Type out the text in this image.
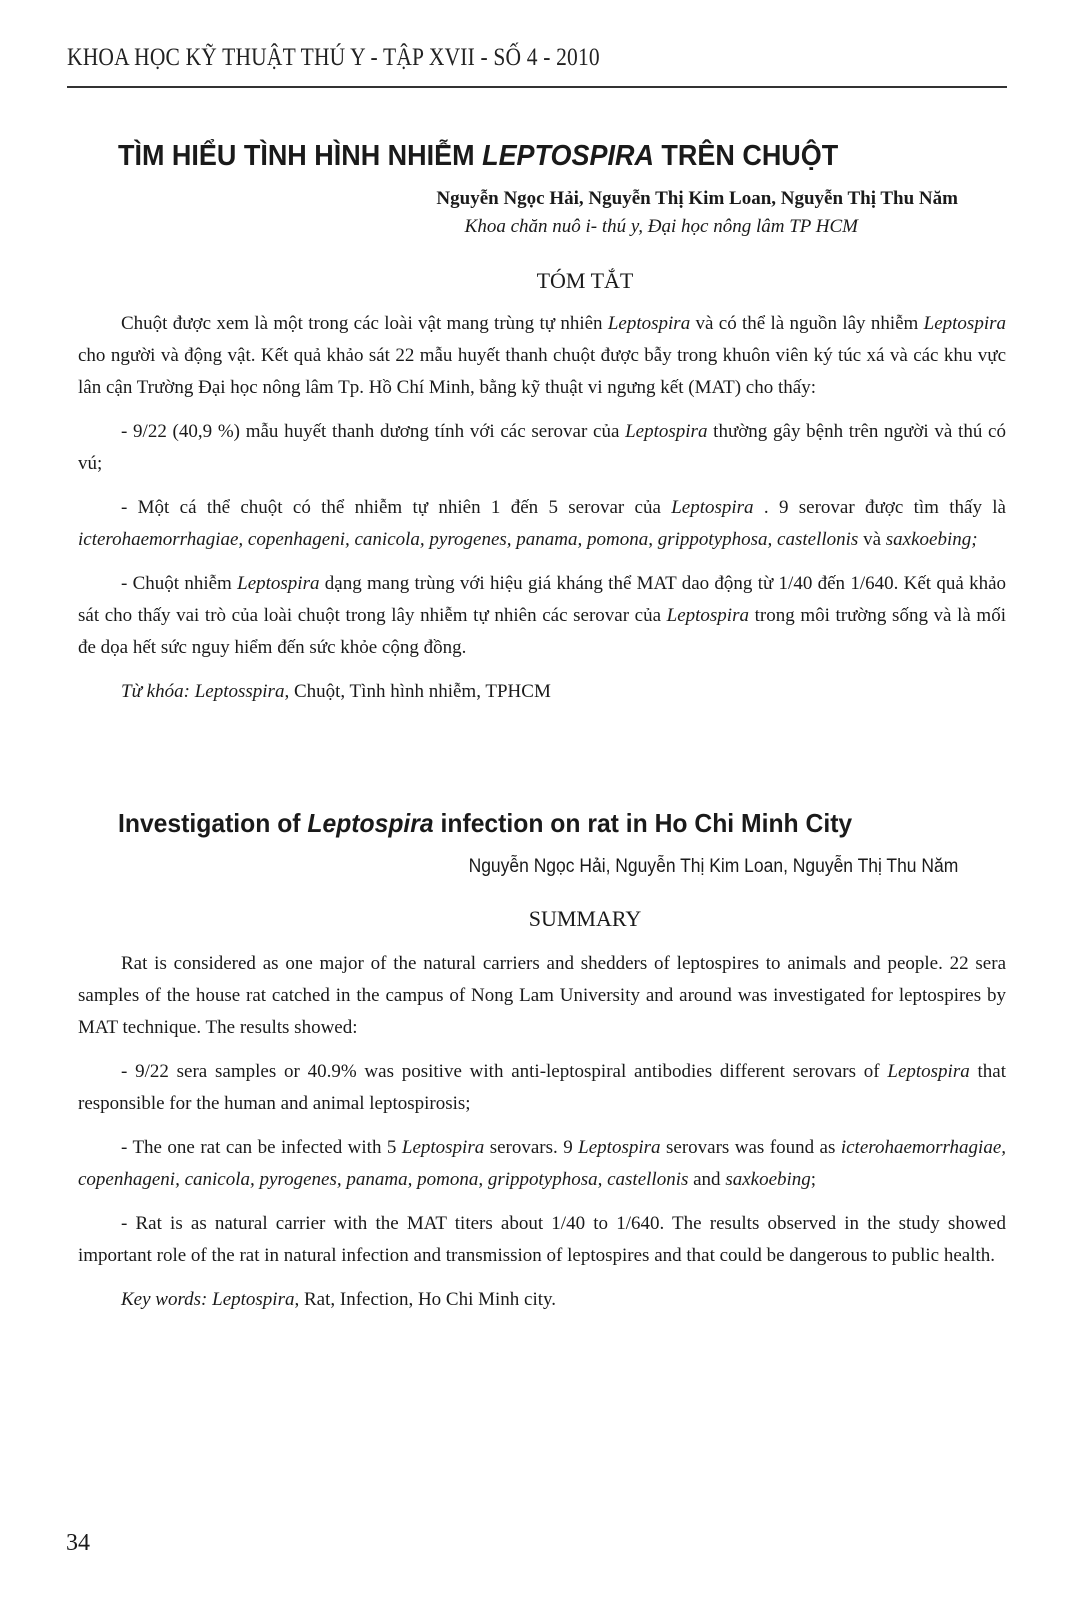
KHOA HỌC KỸ THUẬT THÚ Y - TẬP XVII - SỐ 4 - 2010
TÌM HIỂU TÌNH HÌNH NHIỄM LEPTOSPIRA TRÊN CHUỘT
Nguyễn Ngọc Hải, Nguyễn Thị Kim Loan, Nguyễn Thị Thu Năm
Khoa chăn nuô i- thú y, Đại học nông lâm TP HCM
TÓM TẮT

Chuột được xem là một trong các loài vật mang trùng tự nhiên Leptospira và có thể là nguồn lây nhiễm Leptospira cho người và động vật. Kết quả khảo sát 22 mẫu huyết thanh chuột được bẫy trong khuôn viên ký túc xá và các khu vực lân cận Trường Đại học nông lâm Tp. Hồ Chí Minh, bằng kỹ thuật vi ngưng kết (MAT) cho thấy:

- 9/22 (40,9 %) mẫu huyết thanh dương tính với các serovar của Leptospira thường gây bệnh trên người và thú có vú;

- Một cá thể chuột có thể nhiễm tự nhiên 1 đến 5 serovar của Leptospira . 9 serovar được tìm thấy là icterohaemorrhagiae, copenhageni, canicola, pyrogenes, panama, pomona, grippotyphosa, castellonis và saxkoebing;

- Chuột nhiễm Leptospira dạng mang trùng với hiệu giá kháng thể MAT dao động từ 1/40 đến 1/640. Kết quả khảo sát cho thấy vai trò của loài chuột trong lây nhiễm tự nhiên các serovar của Leptospira trong môi trường sống và là mối đe dọa hết sức nguy hiểm đến sức khỏe cộng đồng.

Từ khóa: Leptosspira, Chuột, Tình hình nhiễm, TPHCM

Investigation of Leptospira infection on rat in Ho Chi Minh City
Nguyễn Ngọc Hải, Nguyễn Thị Kim Loan, Nguyễn Thị Thu Năm
SUMMARY

Rat is considered as one major of the natural carriers and shedders of leptospires to animals and people. 22 sera samples of the house rat catched in the campus of Nong Lam University and around was investigated for leptospires by MAT technique. The results showed:

- 9/22 sera samples or 40.9% was positive with anti-leptospiral antibodies different serovars of Leptospira that responsible for the human and animal leptospirosis;

- The one rat can be infected with 5 Leptospira serovars. 9 Leptospira serovars was found as icterohaemorrhagiae, copenhageni, canicola, pyrogenes, panama, pomona, grippotyphosa, castellonis and saxkoebing;

- Rat is as natural carrier with the MAT titers about 1/40 to 1/640. The results observed in the study showed important role of the rat in natural infection and transmission of leptospires and that could be dangerous to public health.

Key words: Leptospira, Rat, Infection, Ho Chi Minh city.

34
